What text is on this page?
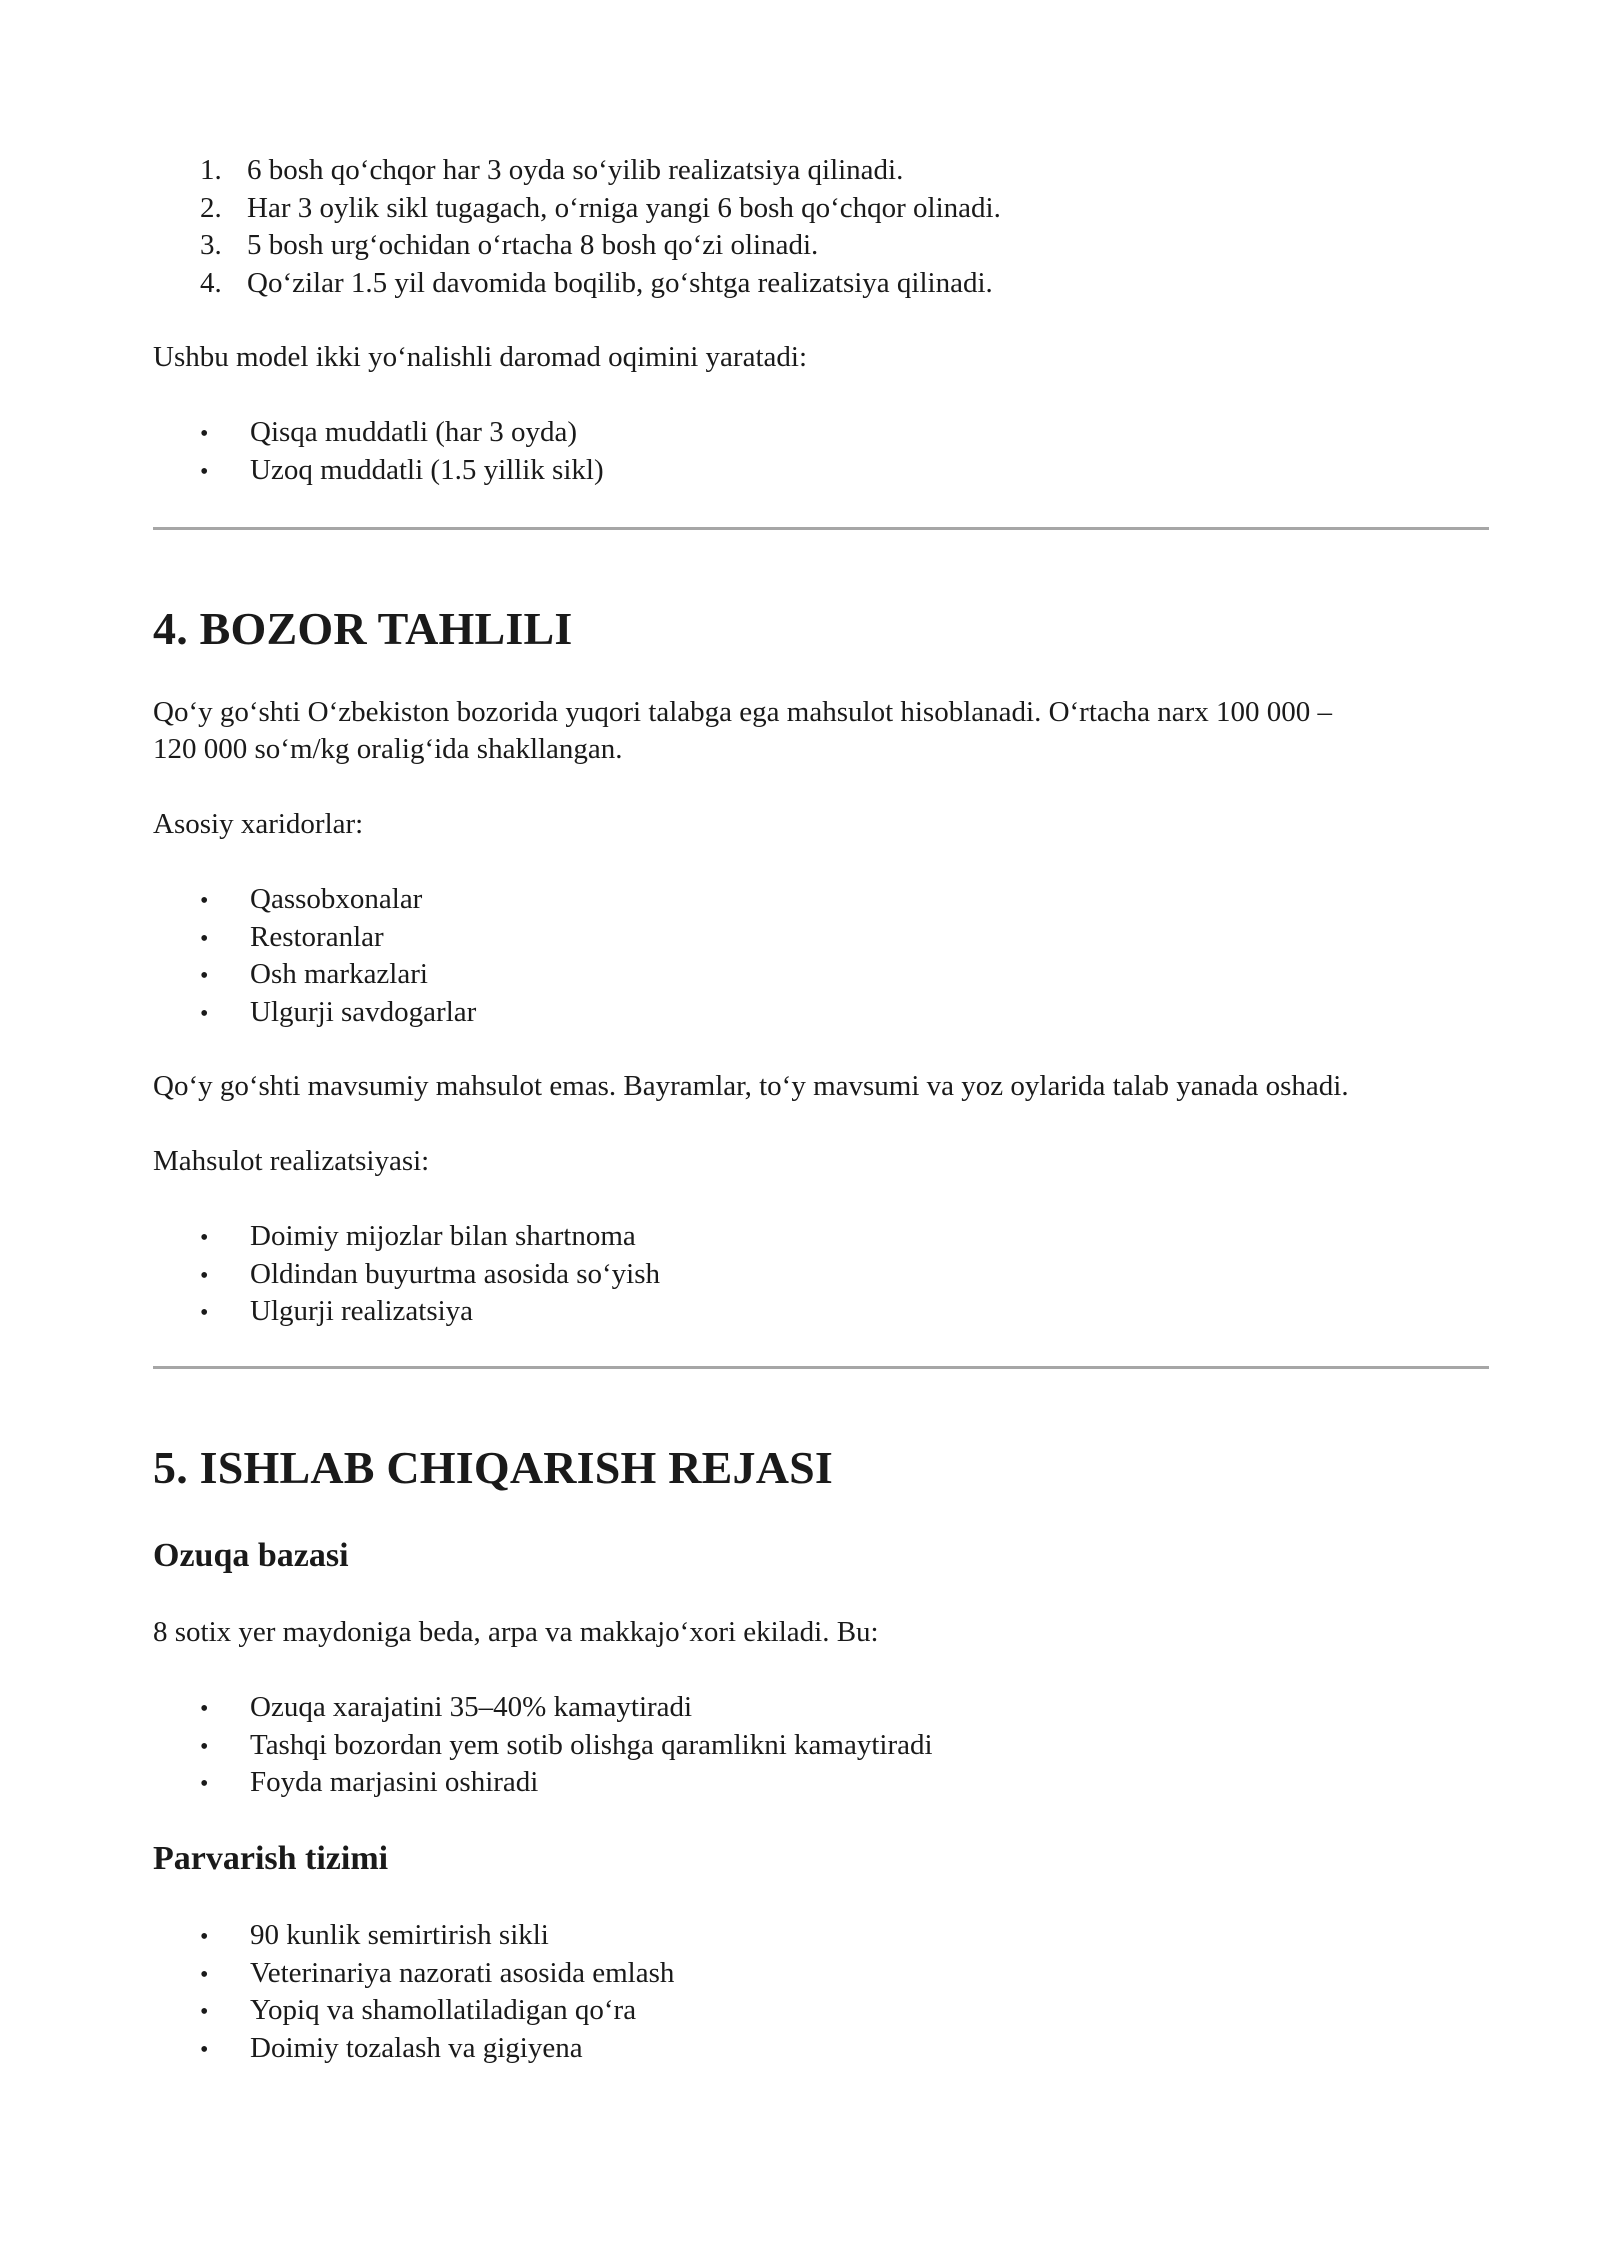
1. 6 bosh qo‘chqor har 3 oyda so‘yilib realizatsiya qilinadi.
2. Har 3 oylik sikl tugagach, o‘rniga yangi 6 bosh qo‘chqor olinadi.
3. 5 bosh urg‘ochidan o‘rtacha 8 bosh qo‘zi olinadi.
4. Qo‘zilar 1.5 yil davomida boqilib, go‘shtga realizatsiya qilinadi.

Ushbu model ikki yo‘nalishli daromad oqimini yaratadi:

•	Qisqa muddatli (har 3 oyda)
•	Uzoq muddatli (1.5 yillik sikl)
4. BOZOR TAHLILI

Qo‘y go‘shti O‘zbekiston bozorida yuqori talabga ega mahsulot hisoblanadi. O‘rtacha narx 100 000 –

120 000 so‘m/kg oralig‘ida shakllangan.

Asosiy xaridorlar:

•	Qassobxonalar
•	Restoranlar
•	Osh markazlari
•	Ulgurji savdogarlar

Qo‘y go‘shti mavsumiy mahsulot emas. Bayramlar, to‘y mavsumi va yoz oylarida talab yanada oshadi.

Mahsulot realizatsiyasi:

•	Doimiy mijozlar bilan shartnoma
•	Oldindan buyurtma asosida so‘yish
•	Ulgurji realizatsiya
5. ISHLAB CHIQARISH REJASI
Ozuqa bazasi

8 sotix yer maydoniga beda, arpa va makkajo‘xori ekiladi. Bu:

•	Ozuqa xarajatini 35–40% kamaytiradi
•	Tashqi bozordan yem sotib olishga qaramlikni kamaytiradi
•	Foyda marjasini oshiradi
Parvarish tizimi
•	90 kunlik semirtirish sikli
•	Veterinariya nazorati asosida emlash
•	Yopiq va shamollatiladigan qo‘ra
•	Doimiy tozalash va gigiyena
